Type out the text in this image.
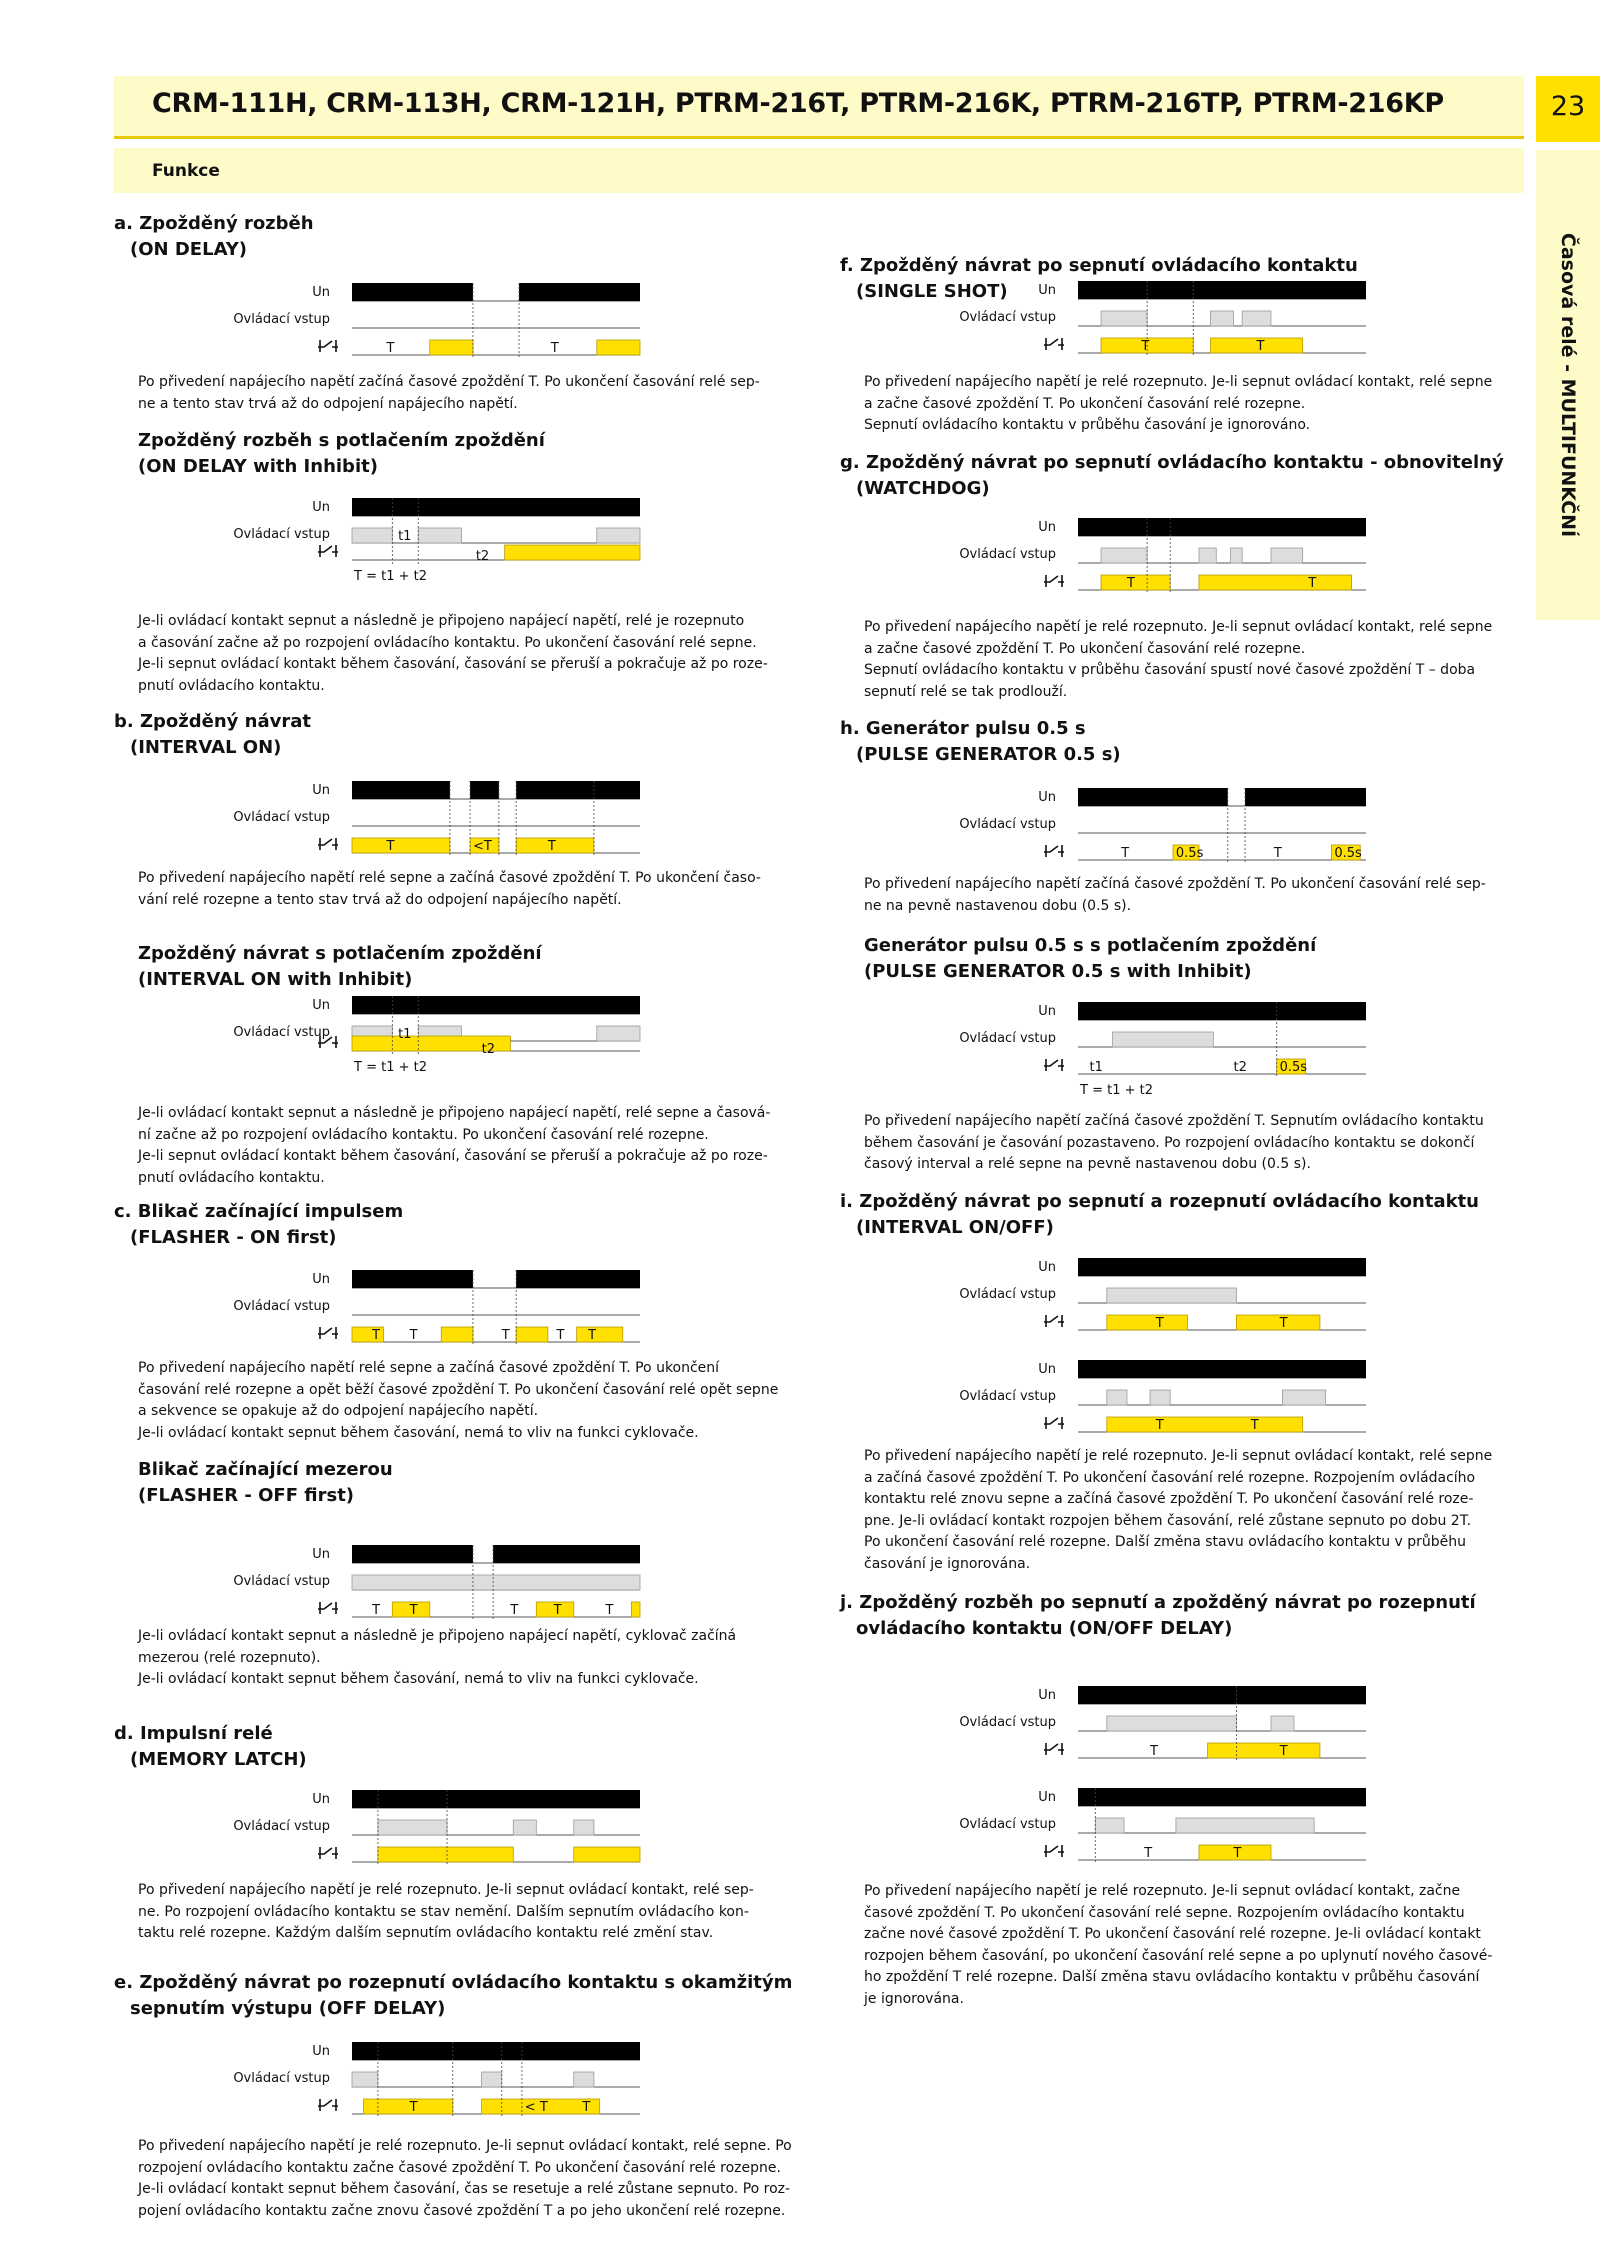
CRM-111H, CRM-113H, CRM-121H, PTRM-216T, PTRM-216K, PTRM-216TP, PTRM-216KP	23
Funkce
Časová relé - MULTIFUNKČNÍ
a. Zpožděný rozběh
(ON DELAY)
Un
Ovládací vstup
T	T
Po přivedení napájecího napětí začíná časové zpoždění T. Po ukončení časování relé sep-
ne a tento stav trvá až do odpojení napájecího napětí.
Zpožděný rozběh s potlačením zpoždění
(ON DELAY with Inhibit)
Un
Ovládací vstup	t1
t2
T = t1 + t2
Je-li ovládací kontakt sepnut a následně je připojeno napájecí napětí, relé je rozepnuto
a časování začne až po rozpojení ovládacího kontaktu. Po ukončení časování relé sepne.
Je-li sepnut ovládací kontakt během časování, časování se přeruší a pokračuje až po roze-
pnutí ovládacího kontaktu.
b. Zpožděný návrat
(INTERVAL ON)
Un
Ovládací vstup
T	<T	T
Po přivedení napájecího napětí relé sepne a začíná časové zpoždění T. Po ukončení časo-
vání relé rozepne a tento stav trvá až do odpojení napájecího napětí.
Zpožděný návrat s potlačením zpoždění
(INTERVAL ON with Inhibit)
Un
Ovládací vstup	t1
t2
T = t1 + t2
Je-li ovládací kontakt sepnut a následně je připojeno napájecí napětí, relé sepne a časová-
ní začne až po rozpojení ovládacího kontaktu. Po ukončení časování relé rozepne.
Je-li sepnut ovládací kontakt během časování, časování se přeruší a pokračuje až po roze-
pnutí ovládacího kontaktu.
c. Blikač začínající impulsem
(FLASHER - ON first)
Un
Ovládací vstup
T T	T	T T
Po přivedení napájecího napětí relé sepne a začíná časové zpoždění T. Po ukončení
časování relé rozepne a opět běží časové zpoždění T. Po ukončení časování relé opět sepne
a sekvence se opakuje až do odpojení napájecího napětí.
Je-li ovládací kontakt sepnut během časování, nemá to vliv na funkci cyklovače.
Blikač začínající mezerou
(FLASHER - OFF first)
Un
Ovládací vstup
T T	T	T	T
Je-li ovládací kontakt sepnut a následně je připojeno napájecí napětí, cyklovač začíná
mezerou (relé rozepnuto).
Je-li ovládací kontakt sepnut během časování, nemá to vliv na funkci cyklovače.
d. Impulsní relé
(MEMORY LATCH)
Un
Ovládací vstup
Po přivedení napájecího napětí je relé rozepnuto. Je-li sepnut ovládací kontakt, relé sep-
ne. Po rozpojení ovládacího kontaktu se stav nemění. Dalším sepnutím ovládacího kon-
taktu relé rozepne. Každým dalším sepnutím ovládacího kontaktu relé změní stav.
e. Zpožděný návrat po rozepnutí ovládacího kontaktu s okamžitým
sepnutím výstupu (OFF DELAY)
Un
Ovládací vstup
T	< T	T
Po přivedení napájecího napětí je relé rozepnuto. Je-li sepnut ovládací kontakt, relé sepne. Po
rozpojení ovládacího kontaktu začne časové zpoždění T. Po ukončení časování relé rozepne.
Je-li ovládací kontakt sepnut během časování, čas se resetuje a relé zůstane sepnuto. Po roz-
pojení ovládacího kontaktu začne znovu časové zpoždění T a po jeho ukončení relé rozepne.
f. Zpožděný návrat po sepnutí ovládacího kontaktu
(SINGLE SHOT) Un
Ovládací vstup
T	T
Po přivedení napájecího napětí je relé rozepnuto. Je-li sepnut ovládací kontakt, relé sepne
a začne časové zpoždění T. Po ukončení časování relé rozepne.
Sepnutí ovládacího kontaktu v průběhu časování je ignorováno.
g. Zpožděný návrat po sepnutí ovládacího kontaktu - obnovitelný
(WATCHDOG)
Un
Ovládací vstup
T	T
Po přivedení napájecího napětí je relé rozepnuto. Je-li sepnut ovládací kontakt, relé sepne
a začne časové zpoždění T. Po ukončení časování relé rozepne.
Sepnutí ovládacího kontaktu v průběhu časování spustí nové časové zpoždění T – doba
sepnutí relé se tak prodlouží.
h. Generátor pulsu 0.5 s
(PULSE GENERATOR 0.5 s)
Un
Ovládací vstup
T	0.5s	T	0.5s
Po přivedení napájecího napětí začíná časové zpoždění T. Po ukončení časování relé sep-
ne na pevně nastavenou dobu (0.5 s).
Generátor pulsu 0.5 s s potlačením zpoždění
(PULSE GENERATOR 0.5 s with Inhibit)
Un
Ovládací vstup
t1	t2	0.5s
T = t1 + t2
Po přivedení napájecího napětí začíná časové zpoždění T. Sepnutím ovládacího kontaktu
během časování je časování pozastaveno. Po rozpojení ovládacího kontaktu se dokončí
časový interval a relé sepne na pevně nastavenou dobu (0.5 s).
i. Zpožděný návrat po sepnutí a rozepnutí ovládacího kontaktu
(INTERVAL ON/OFF)
Un
Ovládací vstup
T	T
Un
Ovládací vstup
T	T
Po přivedení napájecího napětí je relé rozepnuto. Je-li sepnut ovládací kontakt, relé sepne
a začíná časové zpoždění T. Po ukončení časování relé rozepne. Rozpojením ovládacího
kontaktu relé znovu sepne a začíná časové zpoždění T. Po ukončení časování relé roze-
pne. Je-li ovládací kontakt rozpojen během časování, relé zůstane sepnuto po dobu 2T.
Po ukončení časování relé rozepne. Další změna stavu ovládacího kontaktu v průběhu
časování je ignorována.
j. Zpožděný rozběh po sepnutí a zpožděný návrat po rozepnutí
ovládacího kontaktu (ON/OFF DELAY)
Un
Ovládací vstup
T	T
Un
Ovládací vstup
T	T
Po přivedení napájecího napětí je relé rozepnuto. Je-li sepnut ovládací kontakt, začne
časové zpoždění T. Po ukončení časování relé sepne. Rozpojením ovládacího kontaktu
začne nové časové zpoždění T. Po ukončení časování relé rozepne. Je-li ovládací kontakt
rozpojen během časování, po ukončení časování relé sepne a po uplynutí nového časové-
ho zpoždění T relé rozepne. Další změna stavu ovládacího kontaktu v průběhu časování
je ignorována.
